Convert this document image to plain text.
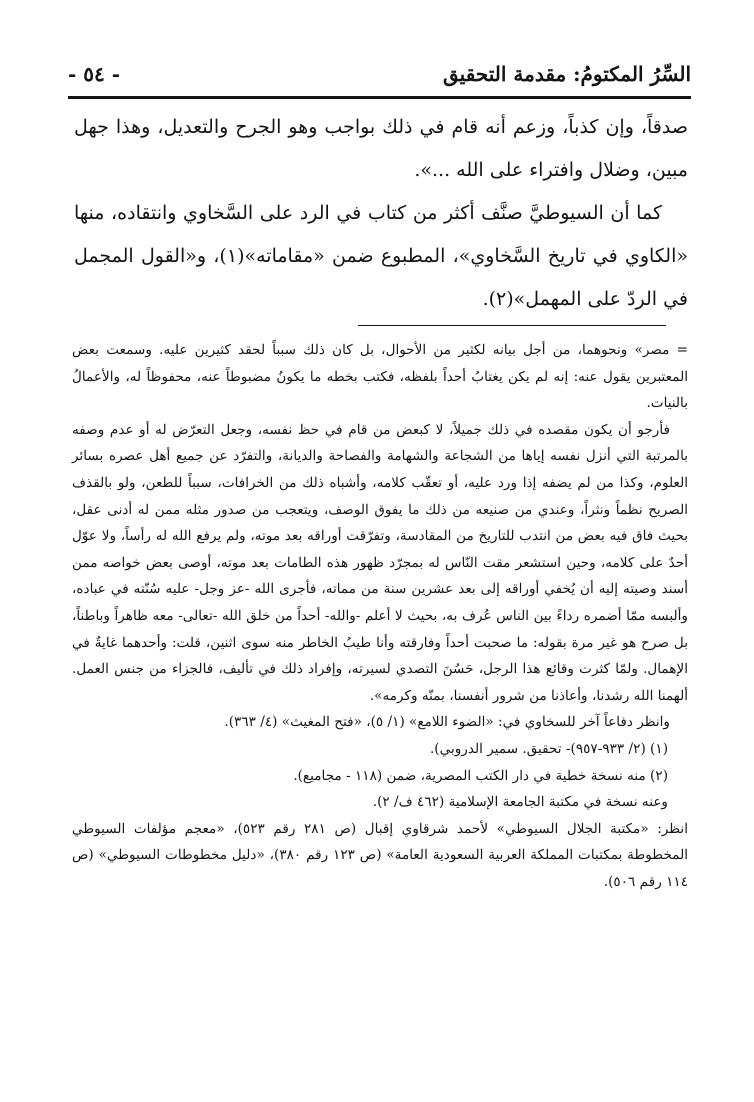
السِّرُ المكتومُ: مقدمة التحقيق
- ٥٤ -

صدقاً، وإن كذباً، وزعم أنه قام في ذلك بواجب وهو الجرح والتعديل، وهذا جهل مبين، وضلال وافتراء على الله ...».

كما أن السيوطيَّ صنَّف أكثر من كتاب في الرد على السَّخاوي وانتقاده، منها «الكاوي في تاريخ السَّخاوي»، المطبوع ضمن «مقاماته»(١)، و«القول المجمل في الردّ على المهمل»(٢).

= مصر» ونحوهما، من أجل بيانه لكثير من الأحوال، بل كان ذلك سبباً لحقد كثيرين عليه. وسمعت بعض المعتبرين يقول عنه: إنه لم يكن يغتابُ أحداً بلفظه، فكتب بخطه ما يكونُ مضبوطاً عنه، محفوظاً له، والأعمالُ بالنيات.

فأرجو أن يكون مقصده في ذلك جميلاً، لا كبعض من قام في حظ نفسه، وجعل التعرّض له أو عدم وصفه بالمرتبة التي أنزل نفسه إياها من الشجاعة والشهامة والفصاحة والديانة، والتفرّد عن جميع أهل عصره بسائر العلوم، وكذا من لم يضفه إذا ورد عليه، أو تعقّب كلامه، وأشباه ذلك من الخرافات، سبباً للطعن، ولو بالقذف الصريح نظماً ونثراً، وعندي من صنيعه من ذلك ما يفوق الوصف، ويتعجب من صدور مثله ممن له أدنى عقل، بحيث فاق فيه بعض من انتدب للتاريخ من المقادسة، وتفرّقت أوراقه بعد موته، ولم يرفع الله له رأساً، ولا عوّل أحدٌ على كلامه، وحين استشعر مقت النّاس له بمجرّد ظهور هذه الطامات بعد موته، أوصى بعض خواصه ممن أسند وصيته إليه أن يُخفي أوراقه إلى بعد عشرين سنة من مماته، فأجرى الله -عز وجل- عليه سُنّته في عباده، وألبسه ممّا أضمره رداءً بين الناس عُرف به، بحيث لا أعلم -والله- أحداً من خلق الله -تعالى- معه ظاهراً وباطناً، بل صرح هو غير مرة بقوله: ما صحبت أحداً وفارقته وأنا طيبُ الخاطر منه سوى اثنين، قلت: وأحدهما غايةٌ في الإهمال. ولمّا كثرت وقائع هذا الرجل، حَسُنَ التصدي لسيرته، وإفراد ذلك في تأليف، فالجزاء من جنس العمل. ألهمنا الله رشدنا، وأعاذنا من شرور أنفسنا، بمنّه وكرمه».

وانظر دفاعاً آخر للسخاوي في: «الضوء اللامع» (١/ ٥)، «فتح المغيث» (٤/ ٣٦٣).

(١) (٢/ ٩٣٣-٩٥٧)- تحقيق. سمير الدروبي).

(٢) منه نسخة خطية في دار الكتب المصرية، ضمن (١١٨ - مجاميع).

وعنه نسخة في مكتبة الجامعة الإسلامية (٤٦٢ ف/ ٢).

انظر: «مكتبة الجلال السيوطي» لأحمد شرقاوي إقبال (ص ٢٨١ رقم ٥٢٣)، «معجم مؤلفات السيوطي المخطوطة بمكتبات المملكة العربية السعودية العامة» (ص ١٢٣ رقم ٣٨٠)، «دليل مخطوطات السيوطي» (ص ١١٤ رقم ٥٠٦).
